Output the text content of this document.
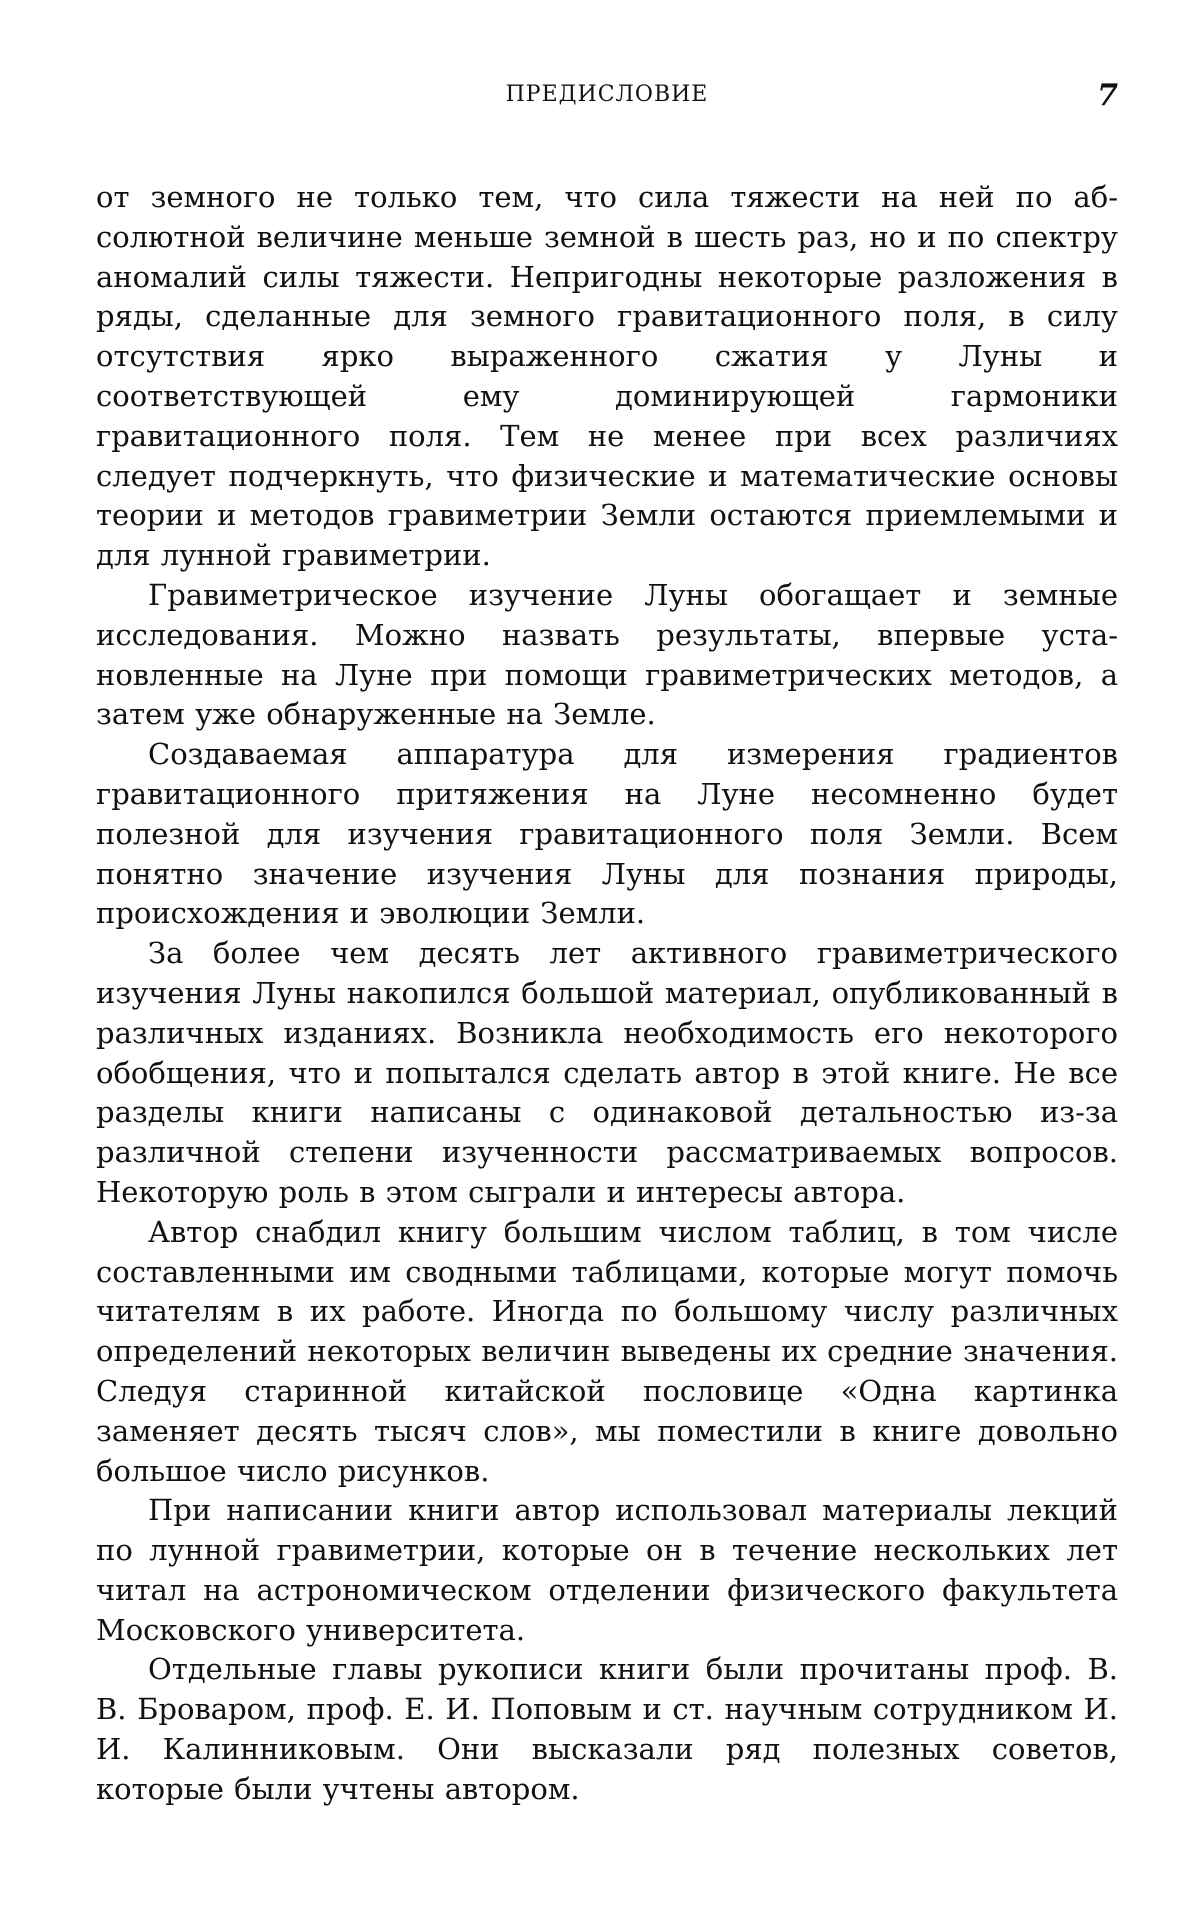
ПРЕДИСЛОВИЕ	7

от земного не только тем, что сила тяжести на ней по абсолютной величине меньше земной в шесть раз, но и по спектру аномалий силы тяжести. Непригодны некоторые разложения в ряды, сделанные для земного гравитационного поля, в силу отсутствия ярко выраженного сжатия у Луны и соответствующей ему доминирующей гармоники гравитационного поля. Тем не менее при всех различиях следует подчеркнуть, что физические и математические основы теории и методов гравиметрии Земли остаются приемлемыми и для лунной гравиметрии.

Гравиметрическое изучение Луны обогащает и земные исследования. Можно назвать результаты, впервые установленные на Луне при помощи гравиметрических методов, а затем уже обнаруженные на Земле.

Создаваемая аппаратура для измерения градиентов гравитационного притяжения на Луне несомненно будет полезной для изучения гравитационного поля Земли. Всем понятно значение изучения Луны для познания природы, происхождения и эволюции Земли.

За более чем десять лет активного гравиметрического изучения Луны накопился большой материал, опубликованный в различных изданиях. Возникла необходимость его некоторого обобщения, что и попытался сделать автор в этой книге. Не все разделы книги написаны с одинаковой детальностью из-за различной степени изученности рассматриваемых вопросов. Некоторую роль в этом сыграли и интересы автора.

Автор снабдил книгу большим числом таблиц, в том числе составленными им сводными таблицами, которые могут помочь читателям в их работе. Иногда по большому числу различных определений некоторых величин выведены их средние значения. Следуя старинной китайской пословице «Одна картинка заменяет десять тысяч слов», мы поместили в книге довольно большое число рисунков.

При написании книги автор использовал материалы лекций по лунной гравиметрии, которые он в течение нескольких лет читал на астрономическом отделении физического факультета Московского университета.

Отдельные главы рукописи книги были прочитаны проф. В. В. Броваром, проф. Е. И. Поповым и ст. научным сотрудником И. И. Калинниковым. Они высказали ряд полезных советов, которые были учтены автором.
